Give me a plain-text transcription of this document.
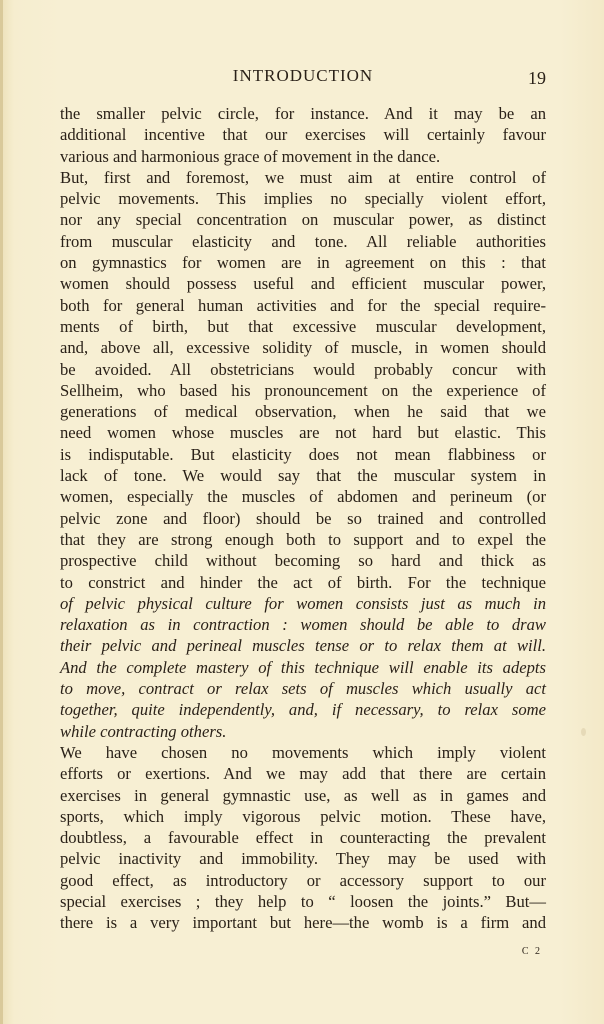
INTRODUCTION	19
the smaller pelvic circle, for instance. And it may be an
additional incentive that our exercises will certainly favour
various and harmonious grace of movement in the dance.
But, first and foremost, we must aim at entire control of
pelvic movements. This implies no specially violent effort,
nor any special concentration on muscular power, as distinct
from muscular elasticity and tone. All reliable authorities
on gymnastics for women are in agreement on this : that
women should possess useful and efficient muscular power,
both for general human activities and for the special require-
ments of birth, but that excessive muscular development,
and, above all, excessive solidity of muscle, in women should
be avoided. All obstetricians would probably concur with
Sellheim, who based his pronouncement on the experience of
generations of medical observation, when he said that we
need women whose muscles are not hard but elastic. This
is indisputable. But elasticity does not mean flabbiness or
lack of tone. We would say that the muscular system in
women, especially the muscles of abdomen and perineum (or
pelvic zone and floor) should be so trained and controlled
that they are strong enough both to support and to expel the
prospective child without becoming so hard and thick as
to constrict and hinder the act of birth. For the technique
of pelvic physical culture for women consists just as much in
relaxation as in contraction : women should be able to draw
their pelvic and perineal muscles tense or to relax them at will.
And the complete mastery of this technique will enable its adepts
to move, contract or relax sets of muscles which usually act
together, quite independently, and, if necessary, to relax some
while contracting others.
We have chosen no movements which imply violent
efforts or exertions. And we may add that there are certain
exercises in general gymnastic use, as well as in games and
sports, which imply vigorous pelvic motion. These have,
doubtless, a favourable effect in counteracting the prevalent
pelvic inactivity and immobility. They may be used with
good effect, as introductory or accessory support to our
special exercises ; they help to “ loosen the joints.” But—
there is a very important but here—the womb is a firm and
C 2
